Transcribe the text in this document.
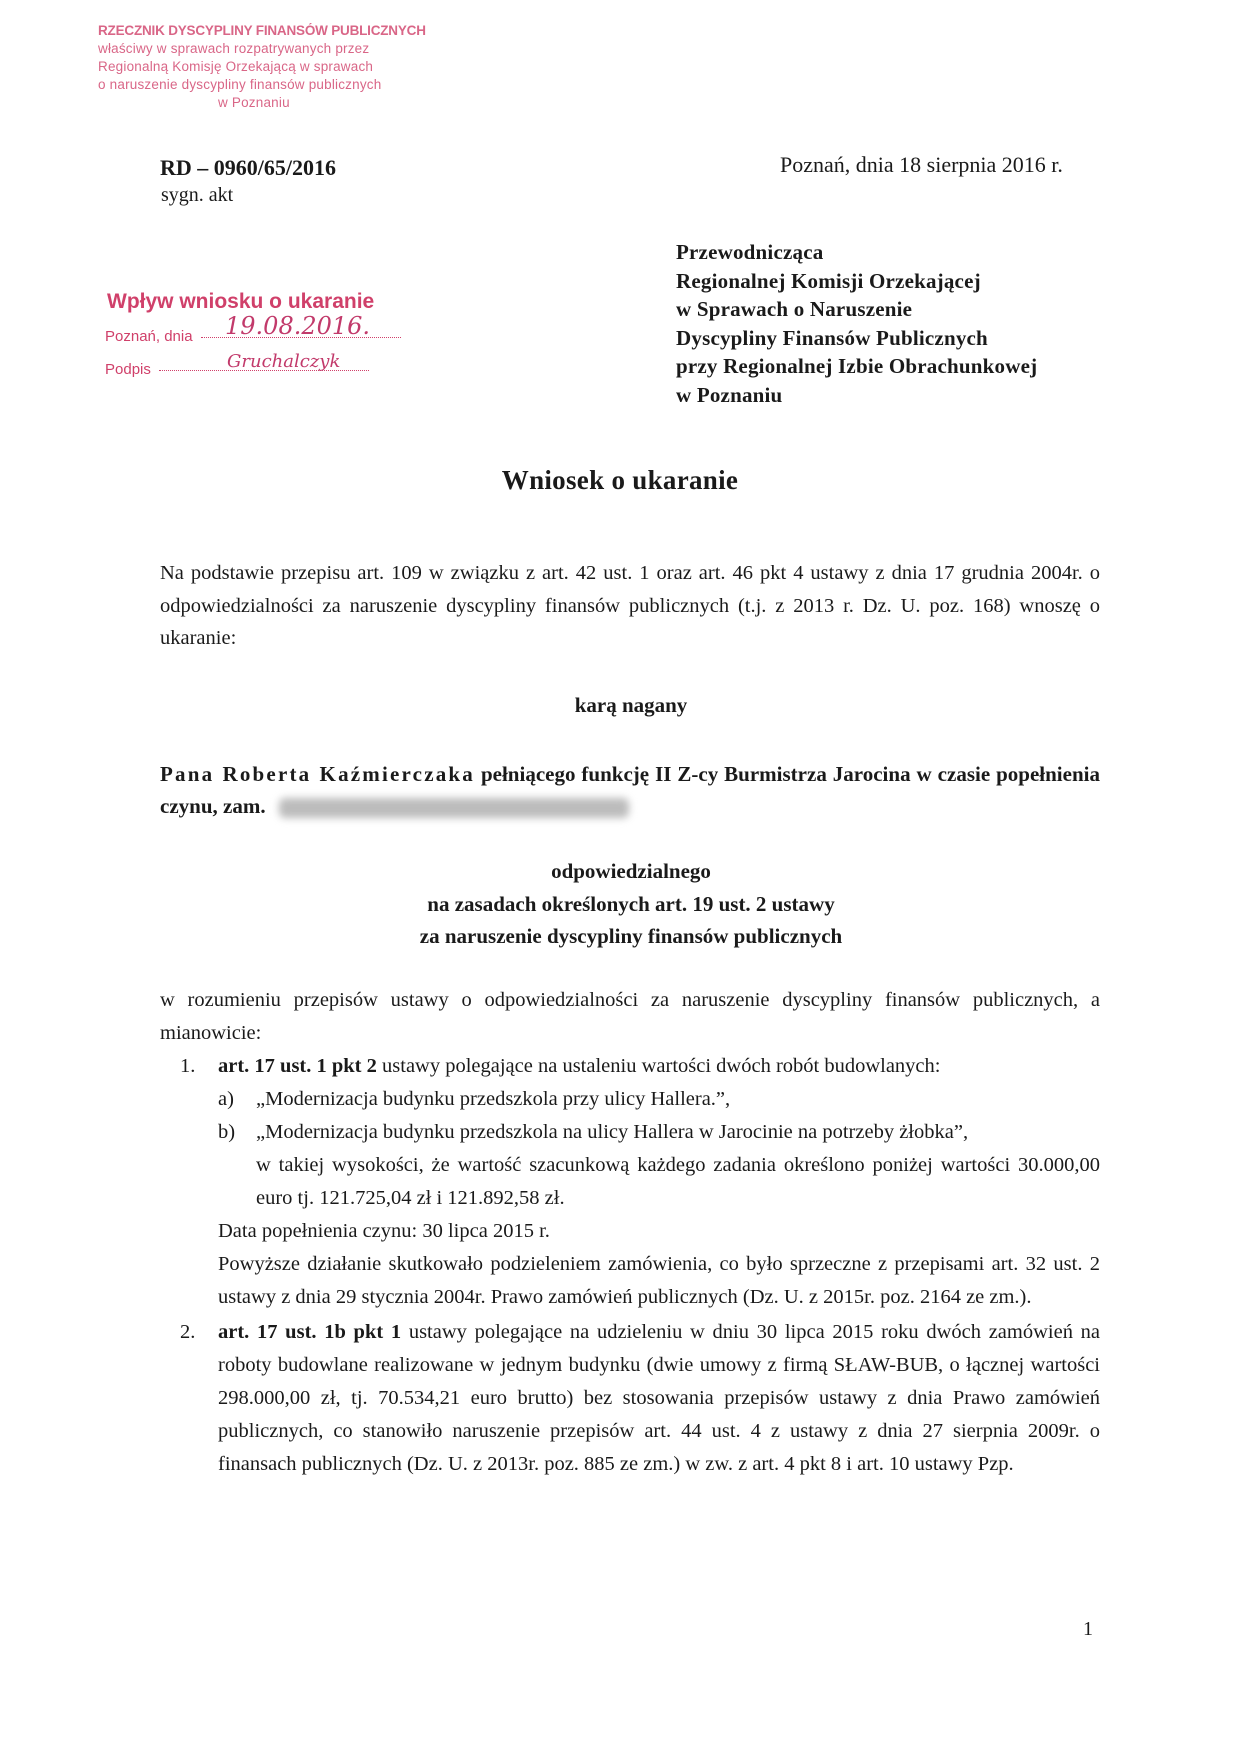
RZECZNIK DYSCYPLINY FINANSÓW PUBLICZNYCH
właściwy w sprawach rozpatrywanych przez
Regionalną Komisję Orzekającą w sprawach
o naruszenie dyscypliny finansów publicznych
w Poznaniu
RD – 0960/65/2016
sygn. akt
Poznań, dnia 18 sierpnia 2016 r.
Przewodnicząca
Regionalnej Komisji Orzekającej
w Sprawach o Naruszenie
Dyscypliny Finansów Publicznych
przy Regionalnej Izbie Obrachunkowej
w Poznaniu
Wpływ wniosku o ukaranie
Poznań, dnia 19.08.2016.
Podpis	Gruchalczyk
Wniosek o ukaranie
Na podstawie przepisu art. 109 w związku z art. 42 ust. 1 oraz art. 46 pkt 4 ustawy z dnia 17 grudnia 2004r. o odpowiedzialności za naruszenie dyscypliny finansów publicznych (t.j. z 2013 r. Dz. U. poz. 168) wnoszę o ukaranie:
karą nagany
Pana Roberta Kaźmierczaka pełniącego funkcję II Z-cy Burmistrza Jarocina w czasie popełnienia czynu, zam.
odpowiedzialnego
na zasadach określonych art. 19 ust. 2 ustawy
za naruszenie dyscypliny finansów publicznych
w rozumieniu przepisów ustawy o odpowiedzialności za naruszenie dyscypliny finansów publicznych, a mianowicie:
1. art. 17 ust. 1 pkt 2 ustawy polegające na ustaleniu wartości dwóch robót budowlanych:
a) „Modernizacja budynku przedszkola przy ulicy Hallera.”,
b) „Modernizacja budynku przedszkola na ulicy Hallera w Jarocinie na potrzeby żłobka”,
w takiej wysokości, że wartość szacunkową każdego zadania określono poniżej wartości 30.000,00 euro tj. 121.725,04 zł i 121.892,58 zł.
Data popełnienia czynu: 30 lipca 2015 r.
Powyższe działanie skutkowało podzieleniem zamówienia, co było sprzeczne z przepisami art. 32 ust. 2 ustawy z dnia 29 stycznia 2004r. Prawo zamówień publicznych (Dz. U. z 2015r. poz. 2164 ze zm.).
2. art. 17 ust. 1b pkt 1 ustawy polegające na udzieleniu w dniu 30 lipca 2015 roku dwóch zamówień na roboty budowlane realizowane w jednym budynku (dwie umowy z firmą SŁAW-BUB, o łącznej wartości 298.000,00 zł, tj. 70.534,21 euro brutto) bez stosowania przepisów ustawy z dnia Prawo zamówień publicznych, co stanowiło naruszenie przepisów art. 44 ust. 4 z ustawy z dnia 27 sierpnia 2009r. o finansach publicznych (Dz. U. z 2013r. poz. 885 ze zm.) w zw. z art. 4 pkt 8 i art. 10 ustawy Pzp.
1
